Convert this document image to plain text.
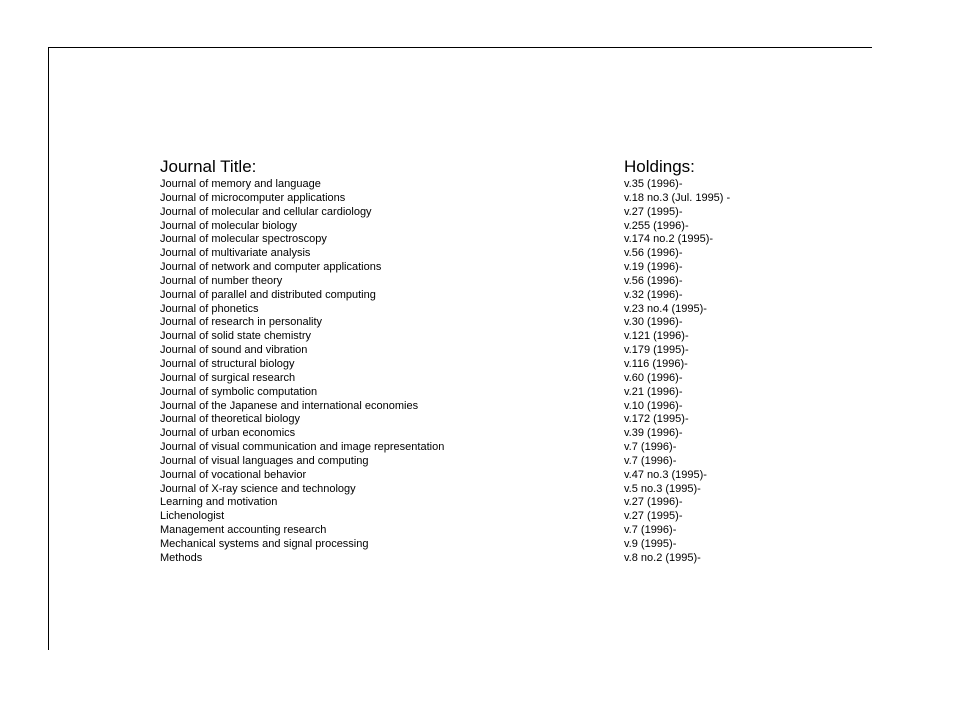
Journal Title:
Journal of memory and language
Journal of microcomputer applications
Journal of molecular and cellular cardiology
Journal of molecular biology
Journal of molecular spectroscopy
Journal of multivariate analysis
Journal of network and computer applications
Journal of number theory
Journal of parallel and distributed computing
Journal of phonetics
Journal of research in personality
Journal of solid state chemistry
Journal of sound and vibration
Journal of structural biology
Journal of surgical research
Journal of symbolic computation
Journal of the Japanese and international economies
Journal of theoretical biology
Journal of urban economics
Journal of visual communication and image representation
Journal of visual languages and computing
Journal of vocational behavior
Journal of X-ray science and technology
Learning and motivation
Lichenologist
Management accounting research
Mechanical systems and signal processing
Methods
Holdings:
v.35 (1996)-
v.18 no.3 (Jul. 1995) -
v.27 (1995)-
v.255 (1996)-
v.174 no.2 (1995)-
v.56 (1996)-
v.19 (1996)-
v.56 (1996)-
v.32 (1996)-
v.23 no.4 (1995)-
v.30 (1996)-
v.121 (1996)-
v.179 (1995)-
v.116 (1996)-
v.60 (1996)-
v.21 (1996)-
v.10 (1996)-
v.172 (1995)-
v.39 (1996)-
v.7 (1996)-
v.7 (1996)-
v.47 no.3 (1995)-
v.5 no.3 (1995)-
v.27 (1996)-
v.27 (1995)-
v.7 (1996)-
v.9 (1995)-
v.8 no.2 (1995)-
